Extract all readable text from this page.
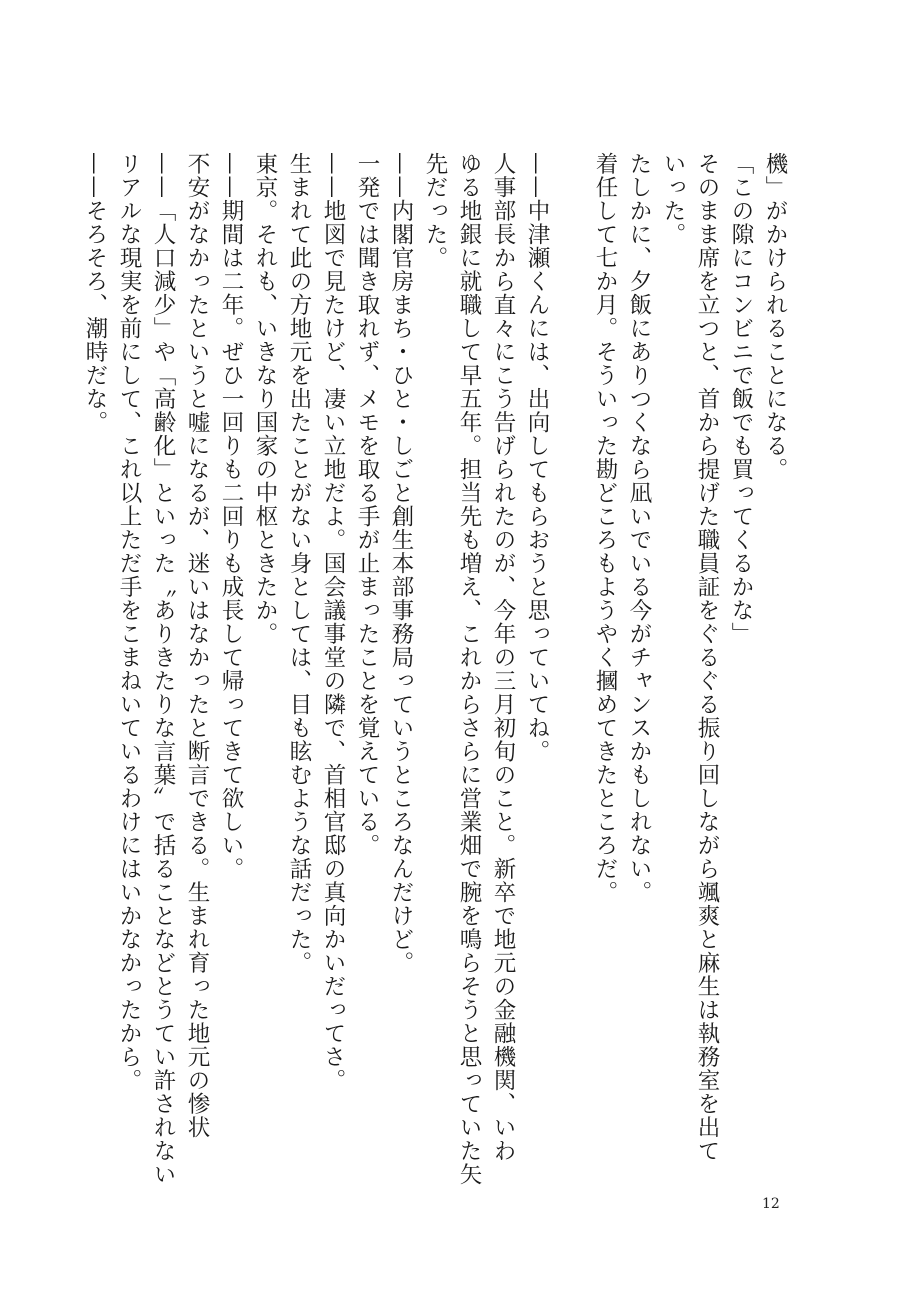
機」がかけられることになる。
「この隙にコンビニで飯でも買ってくるかな」
そのまま席を立つと、首から提げた職員証をぐるぐる振り回しながら颯爽と麻生は執務室を出て
いった。
たしかに、夕飯にありつくなら凪いでいる今がチャンスかもしれない。
着任して七か月。そういった勘どころもようやく摑めてきたところだ。
——中津瀬くんには、出向してもらおうと思っていてね。
人事部長から直々にこう告げられたのが、今年の三月初旬のこと。新卒で地元の金融機関、いわ
ゆる地銀に就職して早五年。担当先も増え、これからさらに営業畑で腕を鳴らそうと思っていた矢
先だった。
——内閣官房まち・ひと・しごと創生本部事務局っていうところなんだけど。
一発では聞き取れず、メモを取る手が止まったことを覚えている。
——地図で見たけど、凄い立地だよ。国会議事堂の隣で、首相官邸の真向かいだってさ。
生まれて此の方地元を出たことがない身としては、目も眩むような話だった。
東京。それも、いきなり国家の中枢ときたか。
——期間は二年。ぜひ一回りも二回りも成長して帰ってきて欲しい。
不安がなかったというと嘘になるが、迷いはなかったと断言できる。生まれ育った地元の惨状
——「人口減少」や「高齢化」といった〝ありきたりな言葉〟で括ることなどとうてい許されない
リアルな現実を前にして、これ以上ただ手をこまねいているわけにはいかなかったから。
——そろそろ、潮時だな。
12
